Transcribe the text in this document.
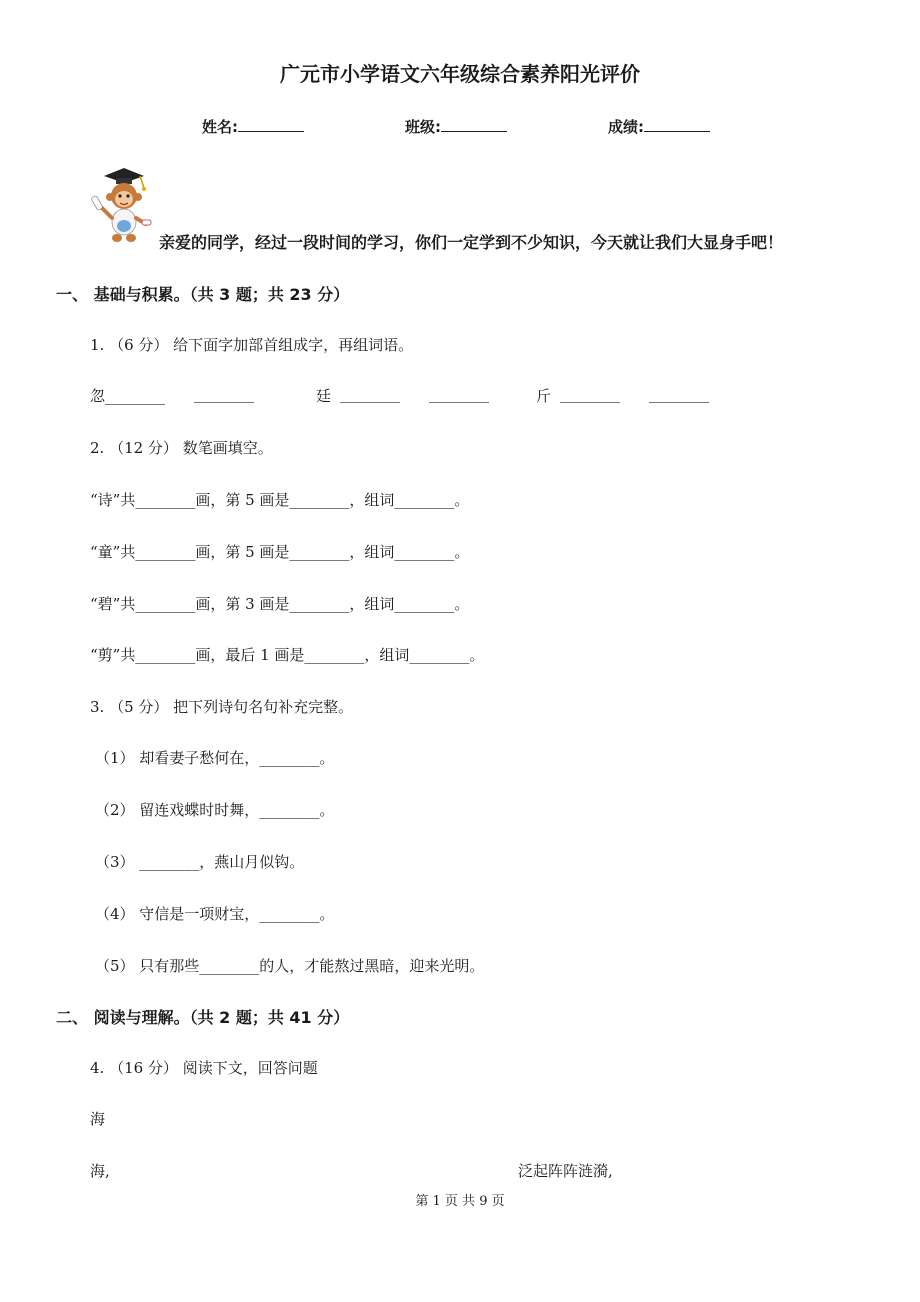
广元市小学语文六年级综合素养阳光评价
姓名:	班级:	成绩:
亲爱的同学，经过一段时间的学习，你们一定学到不少知识，今天就让我们大显身手吧！
一、 基础与积累。（共 3 题；共 23 分）
1. （6 分） 给下面字加部首组成字，再组词语。
忽________ ________	廷 ________ ________	斤 ________ ________
2. （12 分） 数笔画填空。
“诗”共________画，第 5 画是________，组词________。
“童”共________画，第 5 画是________，组词________。
“碧”共________画，第 3 画是________，组词________。
“剪”共________画，最后 1 画是________，组词________。
3. （5 分） 把下列诗句名句补充完整。
（1） 却看妻子愁何在，________。
（2） 留连戏蝶时时舞，________。
（3） ________，燕山月似钩。
（4） 守信是一项财宝，________。
（5） 只有那些________的人，才能熬过黑暗，迎来光明。
二、 阅读与理解。（共 2 题；共 41 分）
4. （16 分） 阅读下文，回答问题
海
海,	泛起阵阵涟漪,
第 1 页 共 9 页
